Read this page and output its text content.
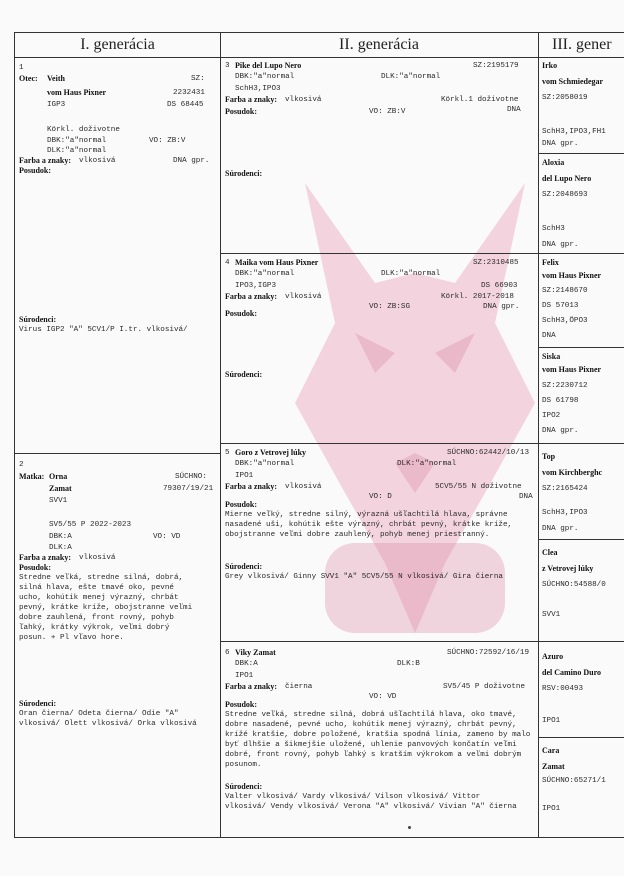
I. generácia	II. generácia	III. gener
1
Otec: Veith	SZ:
vom Haus Pixner	2232431
IGP3	DS 68445
Körkl. doživotne
DBK:"a"normal	VO: ZB:V
DLK:"a"normal
Farba a znaky: vlkosivá	DNA gpr.
Posudok:
Súrodenci:
Virus IGP2 "A" 5CV1/P I.tr. vlkosivá/
2
Matka: Orna	SÚCHNO:
Zamat	79307/19/21
SVV1
SV5/55 P 2022-2023
DBK:A	VO: VD
DLK:A
Farba a znaky: vlkosivá
Posudok:
Stredne veľká, stredne silná, dobrá, silná hlava, ešte tmavé oko, pevné ucho, kohútik menej výrazný, chrbát pevný, krátke kríže, obojstranne veľmi dobre zauhlená, front rovný, pohyb ľahký, krátky výkrok, veľmi dobrý posun. + Pl vľavo hore.
Súrodenci:
Oran čierna/ Odeta čierna/ Odie "A" vlkosivá/ Olett vlkosivá/ Orka vlkosivá
3 Pike del Lupo Nero	SZ:2195179
DBK:"a"normal	DLK:"a"normal
SchH3,IPO3
Farba a znaky: vlkosivá	Körkl.1 doživotne
DNA
Posudok:	VO: ZB:V
Súrodenci:
4 Maika vom Haus Pixner	SZ:2310485
DBK:"a"normal	DLK:"a"normal
IPO3,IGP3	DS 66903
Farba a znaky: vlkosivá	Körkl. 2017-2018
DNA gpr.
Posudok:
VO: ZB:SG
Súrodenci:
5 Goro z Vetrovej lúky	SÚCHNO:62442/10/13
DBK:"a"normal	DLK:"a"normal
IPO1
Farba a znaky: vlkosivá	5CV5/55 N doživotne
DNA
VO: D
Posudok:
Mierne veľký, stredne silný, výrazná ušľachtilá hlava, správne nasadené uši, kohútik ešte výrazný, chrbát pevný, krátke kríže, obojstranne veľmi dobre zauhlený, pohyb menej priestranný.
Súrodenci:
Grey vlkosivá/ Ginny SVV1 "A" 5CV5/55 N vlkosivá/ Gira čierna
6 Viky Zamat	SÚCHNO:72592/16/19
DBK:A	DLK:B
IPO1
Farba a znaky: čierna	SV5/45 P doživotne
VO: VD
Posudok:
Stredne veľká, stredne silná, dobrá ušľachtilá hlava, oko tmavé, dobre nasadené, pevné ucho, kohútik menej výrazný, chrbát pevný, krížé kratšie, dobre položené, kratšia spodná línia, zameno by malo byť dlhšie a šikmejšie uložené, uhlenie panvových končatín veľmi dobré, front rovný, pohyb ľahký s kratším výkrokom a veľmi dobrým posunom.
Súrodenci:
Valter vlkosivá/ Vardy vlkosivá/ Vilson vlkosivá/ Vittor vlkosivá/ Vendy vlkosivá/ Verona "A" vlkosivá/ Vivian "A" čierna
Irko
vom Schmiedegar
SZ:2058019
SchH3,IPO3,FH1
DNA gpr.
Aloxia
del Lupo Nero
SZ:2048693
SchH3
DNA gpr.
Felix
vom Haus Pixner
SZ:2148670
DS 57013
SchH3,ÖPO3
DNA
Siska
vom Haus Pixner
SZ:2230712
DS 61798
IPO2
DNA gpr.
Top
vom Kirchberghc
SZ:2165424
SchH3,IPO3
DNA gpr.
Clea
z Vetrovej lúky
SÚCHNO:54588/0
SVV1
Azuro
del Camino Duro
RSV:00493
IPO1
Cara
Zamat
SÚCHNO:65271/1
IPO1
